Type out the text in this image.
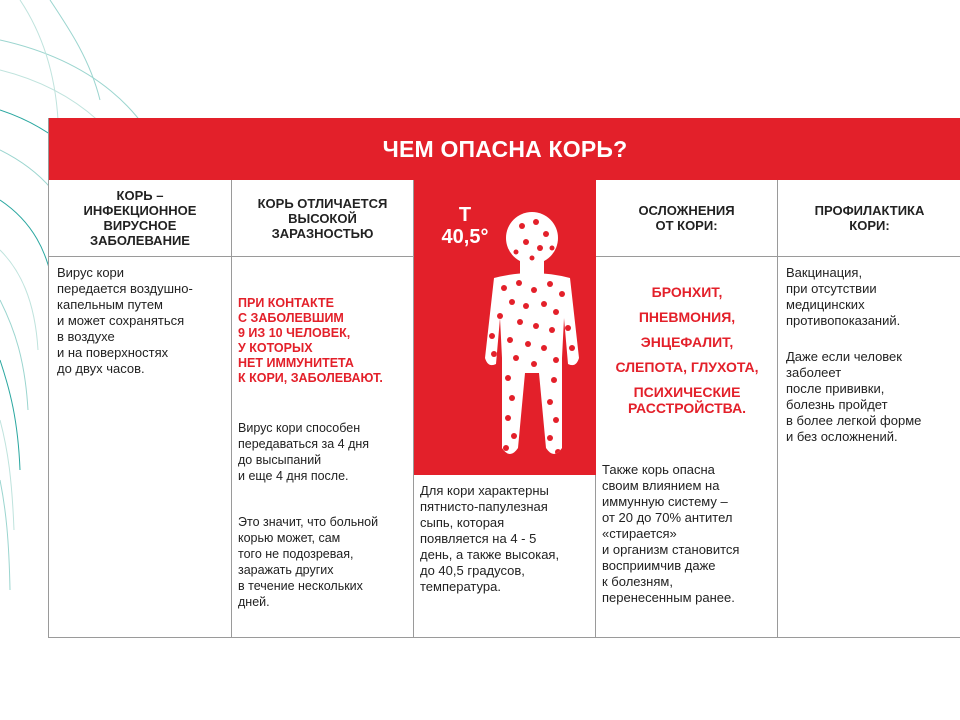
ЧЕМ ОПАСНА КОРЬ?
КОРЬ –
ИНФЕКЦИОННОЕ
ВИРУСНОЕ
ЗАБОЛЕВАНИЕ
Вирус кори
передается воздушно-
капельным путем
и может сохраняться
в воздухе
и на поверхностях
до двух часов.
КОРЬ ОТЛИЧАЕТСЯ
ВЫСОКОЙ
ЗАРАЗНОСТЬЮ
ПРИ КОНТАКТЕ
С ЗАБОЛЕВШИМ
9 ИЗ 10 ЧЕЛОВЕК,
У КОТОРЫХ
НЕТ ИММУНИТЕТА
К КОРИ, ЗАБОЛЕВАЮТ.
Вирус кори способен
передаваться за 4 дня
до высыпаний
и еще 4 дня после.
Это значит, что больной
корью может, сам
того не подозревая,
заражать других
в течение нескольких
дней.
Т
40,5°
Для кори характерны
пятнисто-папулезная
сыпь, которая
появляется на 4 - 5
день, а также высокая,
до 40,5 градусов,
температура.
ОСЛОЖНЕНИЯ
ОТ КОРИ:
БРОНХИТ,
ПНЕВМОНИЯ,
ЭНЦЕФАЛИТ,
СЛЕПОТА, ГЛУХОТА,
ПСИХИЧЕСКИЕ
РАССТРОЙСТВА.
Также корь опасна
своим влиянием на
иммунную систему –
от 20 до 70% антител
«стирается»
и организм становится
восприимчив даже
к болезням,
перенесенным ранее.
ПРОФИЛАКТИКА
КОРИ:
Вакцинация,
при отсутствии
медицинских
противопоказаний.
Даже если человек
заболеет
после прививки,
болезнь пройдет
в более легкой форме
и без осложнений.
